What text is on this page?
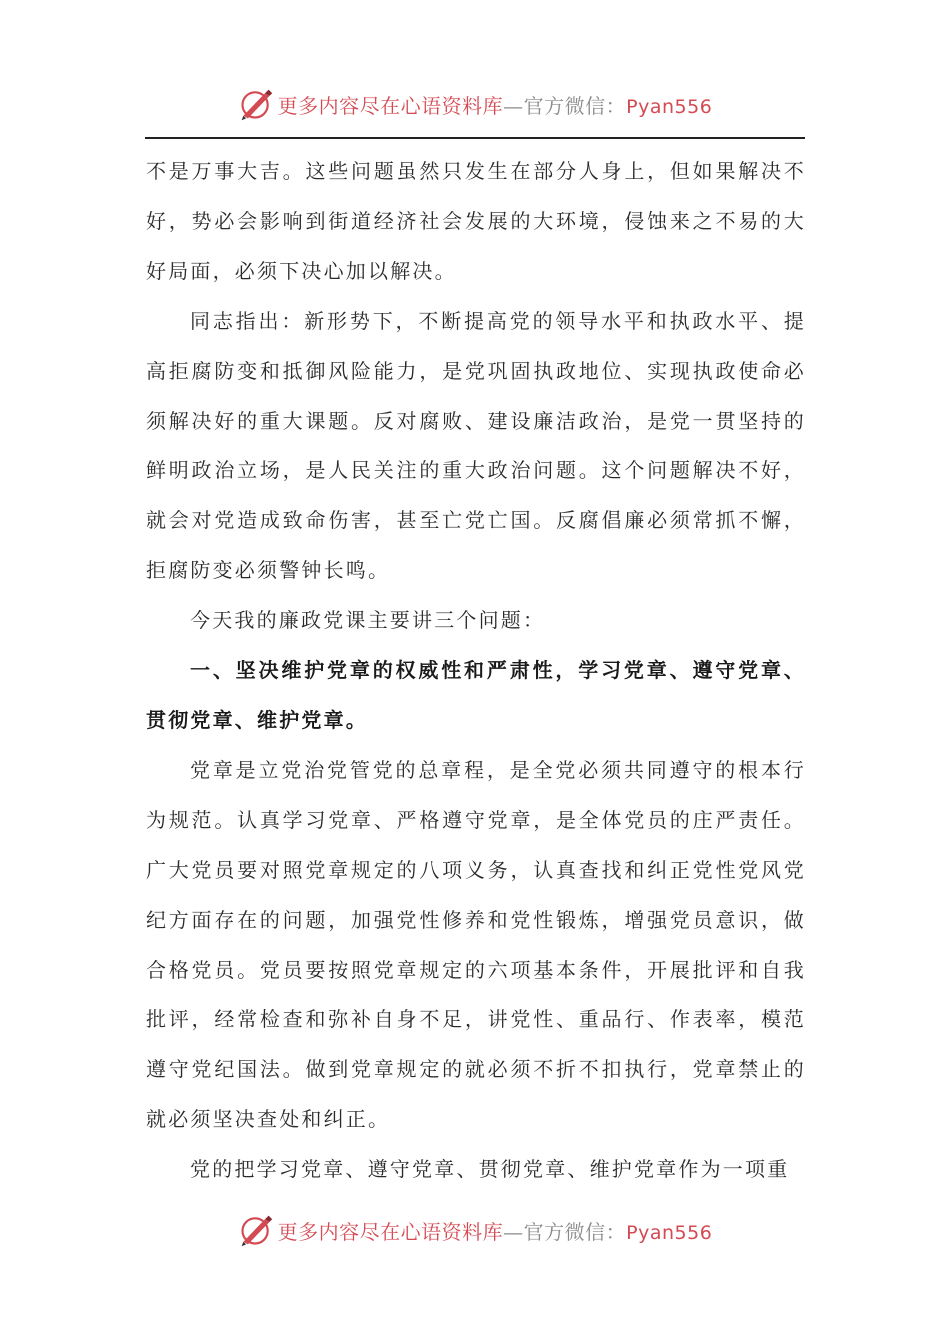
更多内容尽在心语资料库—官方微信：Pyan556

不是万事大吉。这些问题虽然只发生在部分人身上，但如果解决不好，势必会影响到街道经济社会发展的大环境，侵蚀来之不易的大好局面，必须下决心加以解决。

同志指出：新形势下，不断提高党的领导水平和执政水平、提高拒腐防变和抵御风险能力，是党巩固执政地位、实现执政使命必须解决好的重大课题。反对腐败、建设廉洁政治，是党一贯坚持的鲜明政治立场，是人民关注的重大政治问题。这个问题解决不好，就会对党造成致命伤害，甚至亡党亡国。反腐倡廉必须常抓不懈，拒腐防变必须警钟长鸣。

今天我的廉政党课主要讲三个问题：

一、坚决维护党章的权威性和严肃性，学习党章、遵守党章、贯彻党章、维护党章。

党章是立党治党管党的总章程，是全党必须共同遵守的根本行为规范。认真学习党章、严格遵守党章，是全体党员的庄严责任。广大党员要对照党章规定的八项义务，认真查找和纠正党性党风党纪方面存在的问题，加强党性修养和党性锻炼，增强党员意识，做合格党员。党员要按照党章规定的六项基本条件，开展批评和自我批评，经常检查和弥补自身不足，讲党性、重品行、作表率，模范遵守党纪国法。做到党章规定的就必须不折不扣执行，党章禁止的就必须坚决查处和纠正。

党的把学习党章、遵守党章、贯彻党章、维护党章作为一项重

更多内容尽在心语资料库—官方微信：Pyan556
